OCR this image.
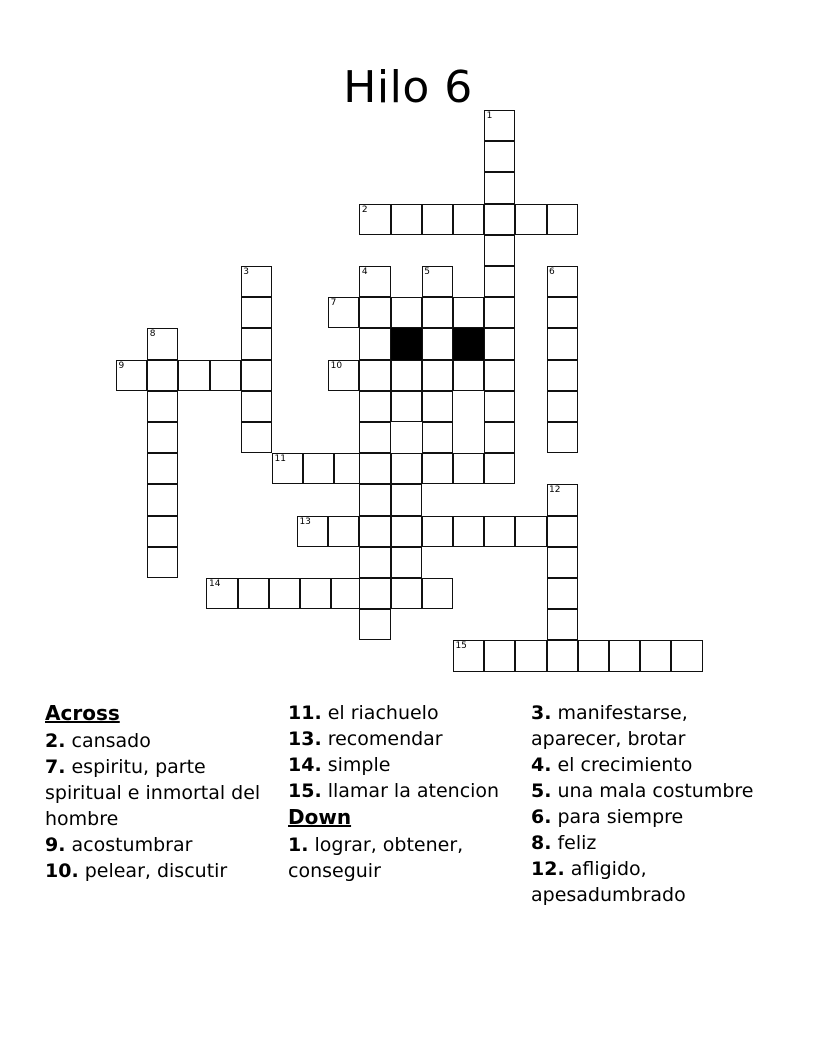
Hilo 6
1
2
3	4	5	6
7
8
9	10
11
12
13
14
15
Across
2. cansado
7. espiritu, parte spiritual e inmortal del hombre
9. acostumbrar
10. pelear, discutir
11. el riachuelo
13. recomendar
14. simple
15. llamar la atencion
Down
1. lograr, obtener, conseguir
3. manifestarse, aparecer, brotar
4. el crecimiento
5. una mala costumbre
6. para siempre
8. feliz
12. afligido, apesadumbrado
